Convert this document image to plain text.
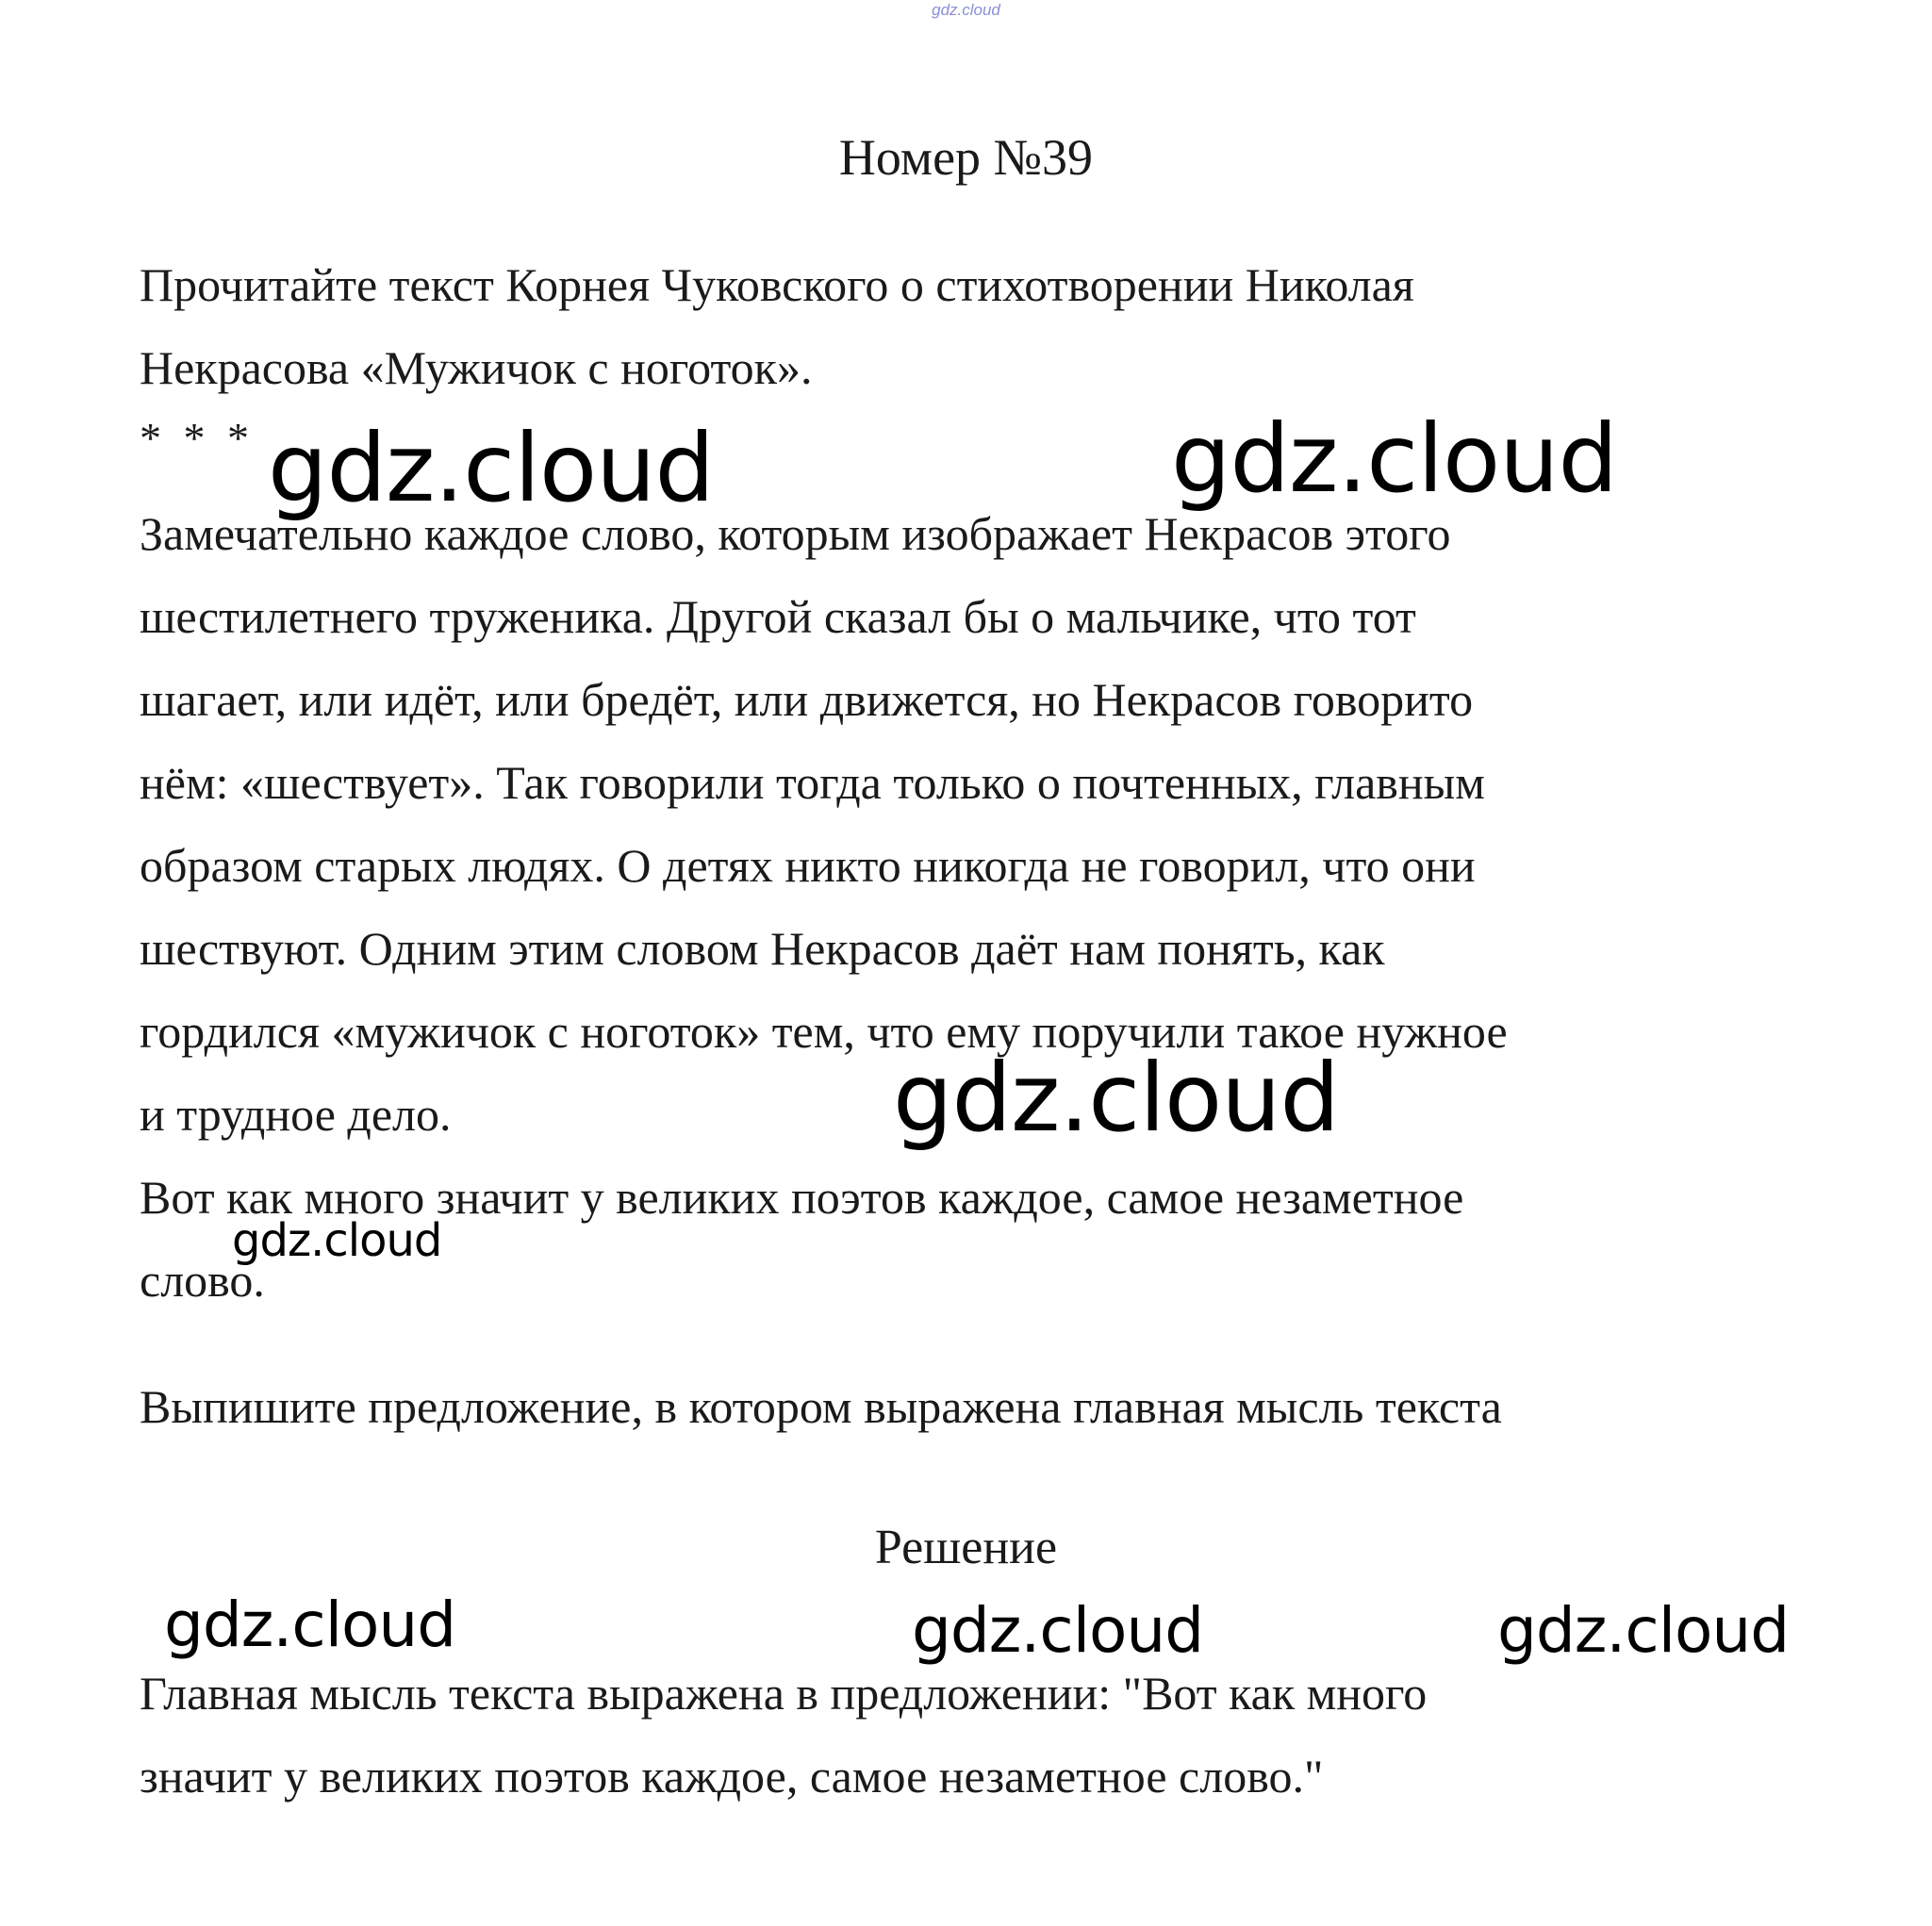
gdz.cloud
Номер №39
Прочитайте текст Корнея Чуковского о стихотворении Николая
Некрасова «Мужичок с ноготок».
* * *
Замечательно каждое слово, которым изображает Некрасов этого
шестилетнего труженика. Другой сказал бы о мальчике, что тот
шагает, или идёт, или бредёт, или движется, но Некрасов говорито
нём: «шествует». Так говорили тогда только о почтенных, главным
образом старых людях. О детях никто никогда не говорил, что они
шествуют. Одним этим словом Некрасов даёт нам понять, как
гордился «мужичок с ноготок» тем, что ему поручили такое нужное
и трудное дело.
Вот как много значит у великих поэтов каждое, самое незаметное
слово.
Выпишите предложение, в котором выражена главная мысль текста
Решение
Главная мысль текста выражена в предложении: "Вот как много
значит у великих поэтов каждое, самое незаметное слово."
gdz.cloud	gdz.cloud
gdz.cloud
gdz.cloud
gdz.cloud	gdz.cloud	gdz.cloud
